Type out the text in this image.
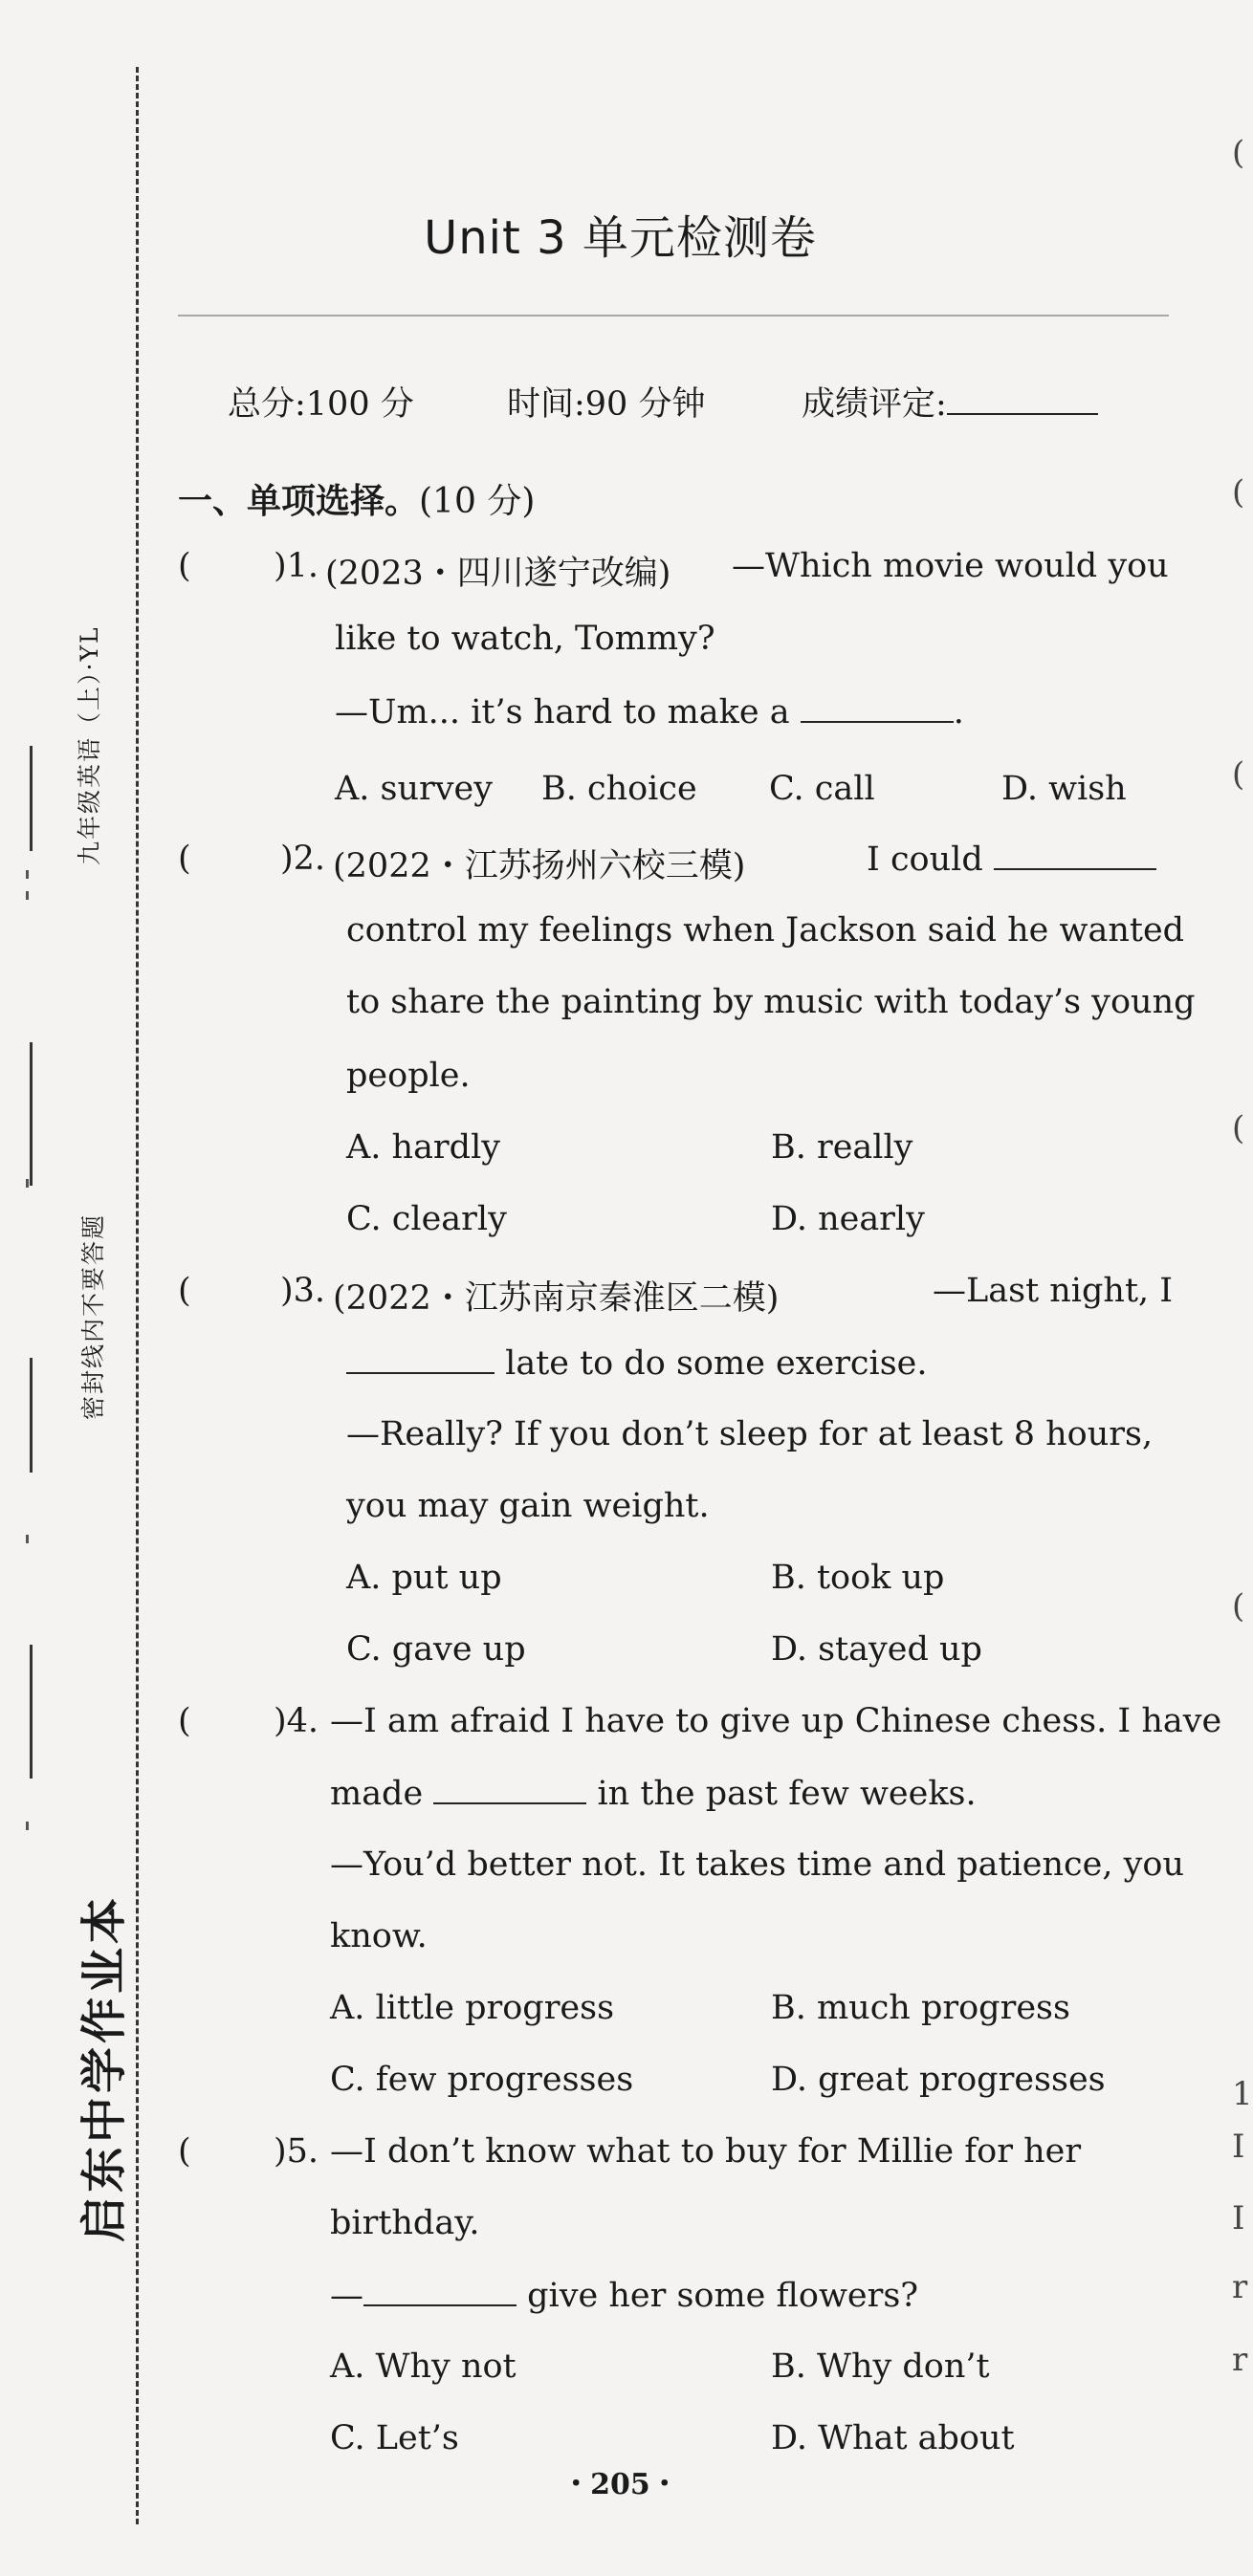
九年级英语（上）·YL
密封线内不要答题
启东中学作业本
(
(
(
(
(
1
I
I
r
r
Unit 3 单元检测卷
总分:100 分	时间:90 分钟	成绩评定:
一、单项选择。(10 分)
( )1. (2023・四川遂宁改编) —Which movie would you
like to watch, Tommy?
—Um... it’s hard to make a	.
A. survey B. choice C. call	D. wish
(	)2. (2022・江苏扬州六校三模)	I could
control my feelings when Jackson said he wanted
to share the painting by music with today’s young
people.
A. hardly	B. really
C. clearly	D. nearly
(	)3. (2022・江苏南京秦淮区二模)	—Last night, I
late to do some exercise.
—Really? If you don’t sleep for at least 8 hours,
you may gain weight.
A. put up	B. took up
C. gave up	D. stayed up
( )4. —I am afraid I have to give up Chinese chess. I have
made	in the past few weeks.
—You’d better not. It takes time and patience, you
know.
A. little progress	B. much progress
C. few progresses	D. great progresses
( )5. —I don’t know what to buy for Millie for her
birthday.
—	give her some flowers?
A. Why not	B. Why don’t
C. Let’s	D. What about
・205・
